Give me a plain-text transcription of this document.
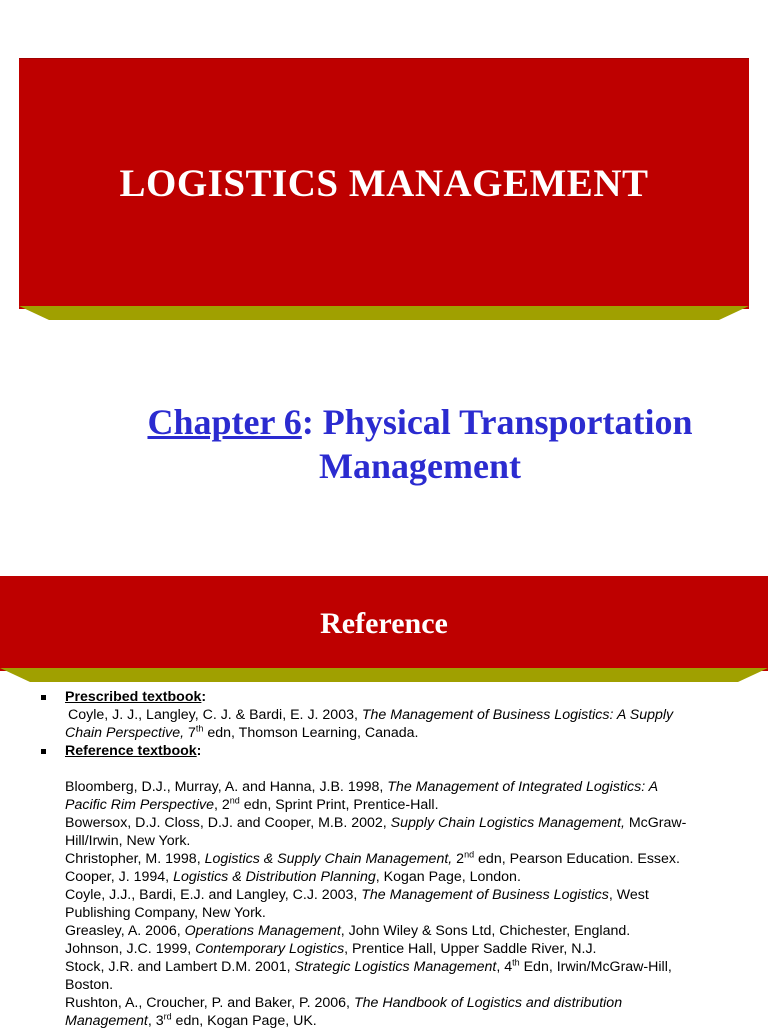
LOGISTICS MANAGEMENT
Chapter 6: Physical Transportation
Management
Reference
Prescribed textbook:
Coyle, J. J., Langley, C. J. & Bardi, E. J. 2003, The Management of Business Logistics: A Supply
Chain Perspective, 7th edn, Thomson Learning, Canada.
Reference textbook:
Bloomberg, D.J., Murray, A. and Hanna, J.B. 1998, The Management of Integrated Logistics: A
Pacific Rim Perspective, 2nd edn, Sprint Print, Prentice-Hall.
Bowersox, D.J. Closs, D.J. and Cooper, M.B. 2002, Supply Chain Logistics Management, McGraw-
Hill/Irwin, New York.
Christopher, M. 1998, Logistics & Supply Chain Management, 2nd edn, Pearson Education. Essex.
Cooper, J. 1994, Logistics & Distribution Planning, Kogan Page, London.
Coyle, J.J., Bardi, E.J. and Langley, C.J. 2003, The Management of Business Logistics, West
Publishing Company, New York.
Greasley, A. 2006, Operations Management, John Wiley & Sons Ltd, Chichester, England.
Johnson, J.C. 1999, Contemporary Logistics, Prentice Hall, Upper Saddle River, N.J.
Stock, J.R. and Lambert D.M. 2001, Strategic Logistics Management, 4th Edn, Irwin/McGraw-Hill,
Boston.
Rushton, A., Croucher, P. and Baker, P. 2006, The Handbook of Logistics and distribution
Management, 3rd edn, Kogan Page, UK.
